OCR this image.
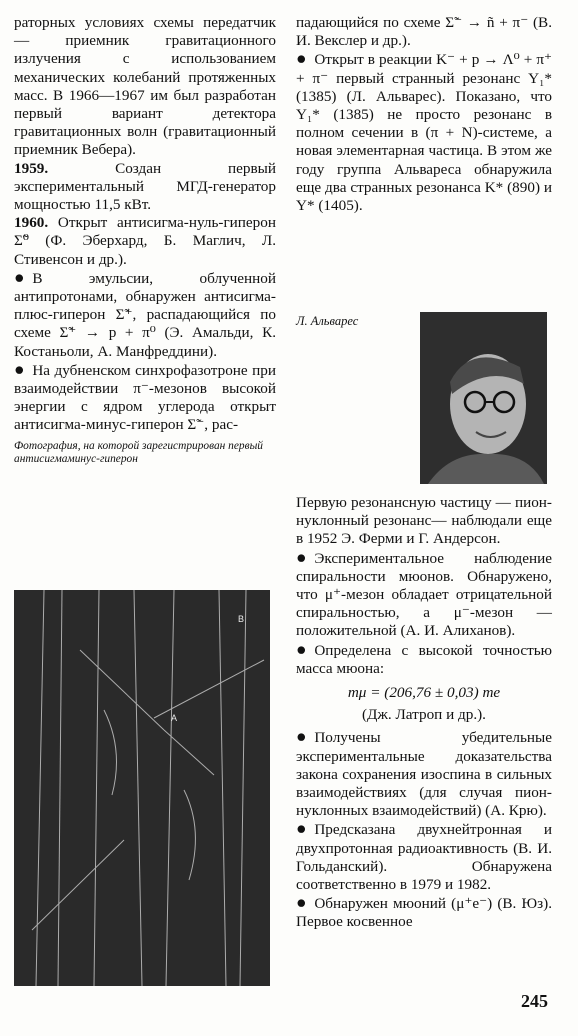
раторных условиях схемы передатчик — приемник гравитационного излучения с использованием механических колебаний протяженных масс. В 1966—1967 им был разработан первый вариант детектора гравитационных волн (гравитационный приемник Вебера).

1959. Создан первый экспериментальный МГД-генератор мощностью 11,5 кВт.

1960. Открыт антисигма-нуль-гиперон Σ̃⁰ (Ф. Эберхард, Б. Маглич, Л. Стивенсон и др.).

● В эмульсии, облученной антипротонами, обнаружен антисигма-плюс-гиперон Σ̃⁺, распадающийся по схеме Σ̃⁺ → p + π⁰ (Э. Амальди, К. Костаньоли, А. Манфреддини).

● На дубненском синхрофазотроне при взаимодействии π⁻-мезонов высокой энергии с ядром углерода открыт антисигма-минус-гиперон Σ̃⁻, рас-

Фотография, на которой зарегистрирован первый антисигмаминус-гиперон

A
B

падающийся по схеме Σ̃⁻ → ñ + π⁻ (В. И. Векслер и др.).

● Открыт в реакции K⁻ + p → Λ⁰ + π⁺ + π⁻ первый странный резонанс Y₁* (1385) (Л. Альварес). Показано, что Y₁* (1385) не просто резонанс в полном сечении в (π + N)-системе, а новая элементарная частица. В этом же году группа Альвареса обнаружила еще два странных резонанса K* (890) и Y* (1405).

Л. Альварес

Первую резонансную частицу — пион-нуклонный резонанс— наблюдали еще в 1952 Э. Ферми и Г. Андерсон.

● Экспериментальное наблюдение спиральности мюонов. Обнаружено, что μ⁺-мезон обладает отрицательной спиральностью, а μ⁻-мезон — положительной (А. И. Алиханов).

● Определена с высокой точностью масса мюона:

mμ = (206,76 ± 0,03) me

(Дж. Латроп и др.).

● Получены убедительные экспериментальные доказательства закона сохранения изоспина в сильных взаимодействиях (для случая пион-нуклонных взаимодействий) (А. Крю).

● Предсказана двухнейтронная и двухпротонная радиоактивность (В. И. Гольданский). Обнаружена соответственно в 1979 и 1982.

● Обнаружен мюоний (μ⁺e⁻) (В. Юз). Первое косвенное

245
